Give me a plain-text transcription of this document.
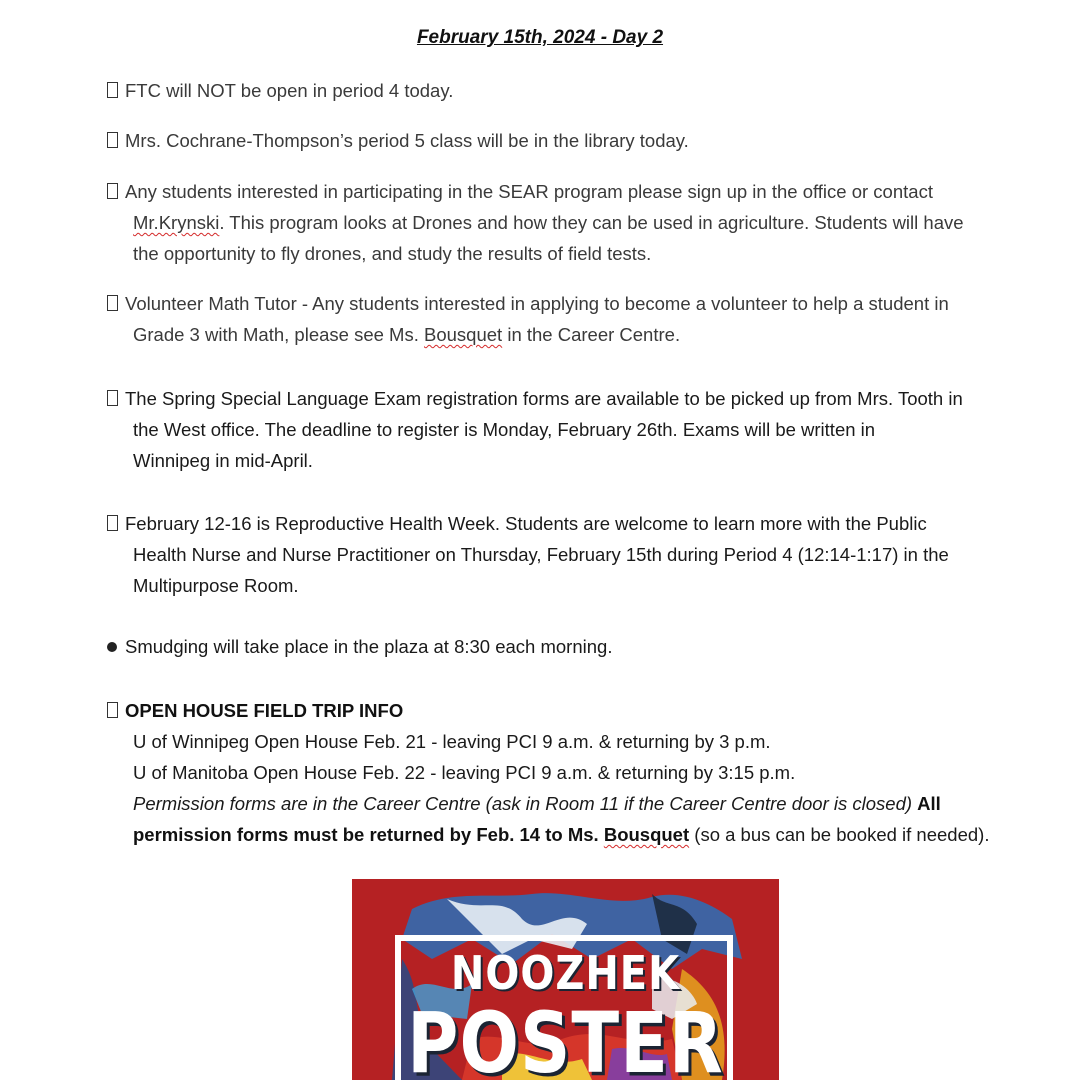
February 15th, 2024 - Day 2
FTC will NOT be open in period 4 today.
Mrs. Cochrane-Thompson’s period 5 class will be in the library today.
Any students interested in participating in the SEAR program please sign up in the office or contact
Mr.Krynski. This program looks at Drones and how they can be used in agriculture. Students will have
the opportunity to fly drones, and study the results of field tests.
Volunteer Math Tutor - Any students interested in applying to become a volunteer to help a student in
Grade 3 with Math, please see Ms. Bousquet in the Career Centre.
The Spring Special Language Exam registration forms are available to be picked up from Mrs. Tooth in
the West office. The deadline to register is Monday, February 26th. Exams will be written in
Winnipeg in mid-April.
February 12-16 is Reproductive Health Week. Students are welcome to learn more with the Public
Health Nurse and Nurse Practitioner on Thursday, February 15th during Period 4 (12:14-1:17) in the
Multipurpose Room.
Smudging will take place in the plaza at 8:30 each morning.
OPEN HOUSE FIELD TRIP INFO
U of Winnipeg Open House Feb. 21 - leaving PCI 9 a.m. & returning by 3 p.m.
U of Manitoba Open House Feb. 22 - leaving PCI 9 a.m. & returning by 3:15 p.m.
Permission forms are in the Career Centre (ask in Room 11 if the Career Centre door is closed) All
permission forms must be returned by Feb. 14 to Ms. Bousquet (so a bus can be booked if needed).
NOOZHEK
POSTER
